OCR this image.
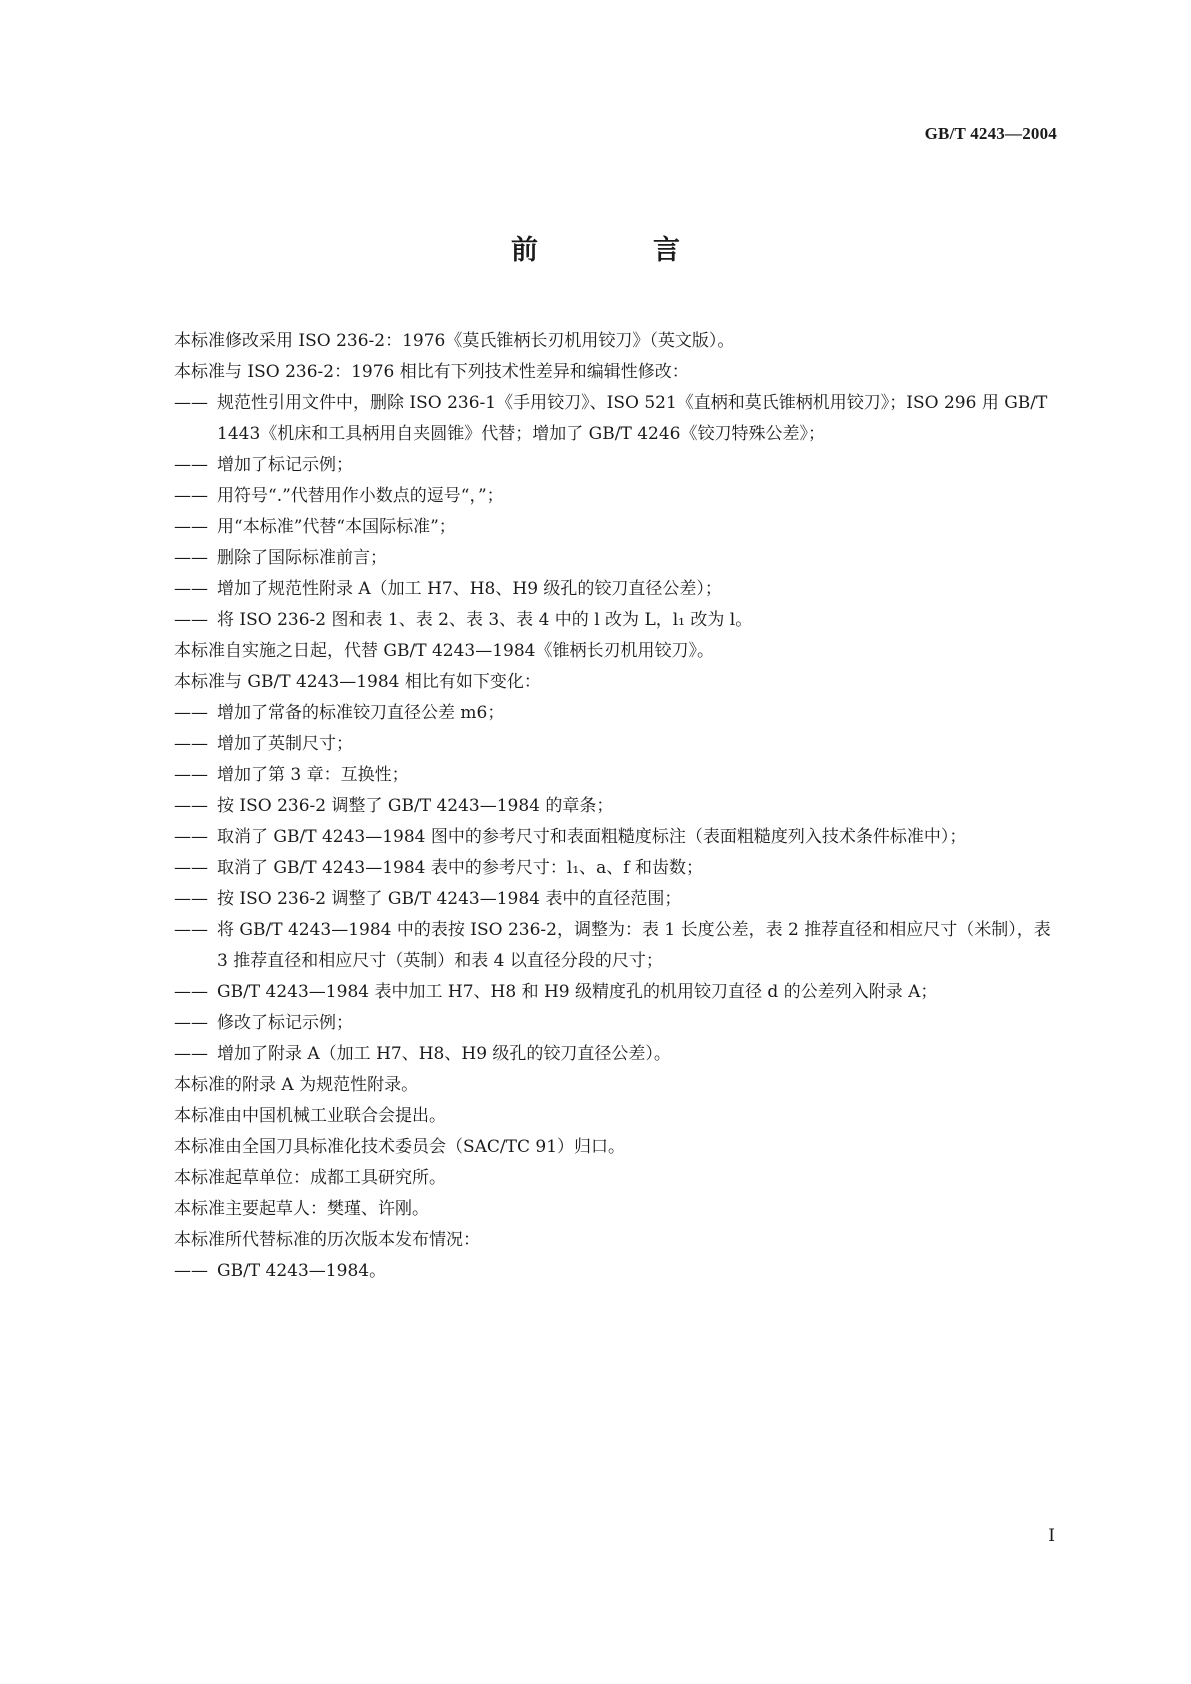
GB/T 4243—2004
前　言
本标准修改采用 ISO 236-2：1976《莫氏锥柄长刃机用铰刀》（英文版）。
本标准与 ISO 236-2：1976 相比有下列技术性差异和编辑性修改：
—— 规范性引用文件中，删除 ISO 236-1《手用铰刀》、ISO 521《直柄和莫氏锥柄机用铰刀》；ISO 296 用 GB/T 1443《机床和工具柄用自夹圆锥》代替；增加了 GB/T 4246《铰刀特殊公差》；
—— 增加了标记示例；
—— 用符号“.”代替用作小数点的逗号“，”；
—— 用“本标准”代替“本国际标准”；
—— 删除了国际标准前言；
—— 增加了规范性附录 A（加工 H7、H8、H9 级孔的铰刀直径公差）；
—— 将 ISO 236-2 图和表 1、表 2、表 3、表 4 中的 l 改为 L，l₁ 改为 l。
本标准自实施之日起，代替 GB/T 4243—1984《锥柄长刃机用铰刀》。
本标准与 GB/T 4243—1984 相比有如下变化：
—— 增加了常备的标准铰刀直径公差 m6；
—— 增加了英制尺寸；
—— 增加了第 3 章：互换性；
—— 按 ISO 236-2 调整了 GB/T 4243—1984 的章条；
—— 取消了 GB/T 4243—1984 图中的参考尺寸和表面粗糙度标注（表面粗糙度列入技术条件标准中）；
—— 取消了 GB/T 4243—1984 表中的参考尺寸：l₁、a、f 和齿数；
—— 按 ISO 236-2 调整了 GB/T 4243—1984 表中的直径范围；
—— 将 GB/T 4243—1984 中的表按 ISO 236-2，调整为：表 1 长度公差，表 2 推荐直径和相应尺寸（米制），表 3 推荐直径和相应尺寸（英制）和表 4 以直径分段的尺寸；
—— GB/T 4243—1984 表中加工 H7、H8 和 H9 级精度孔的机用铰刀直径 d 的公差列入附录 A；
—— 修改了标记示例；
—— 增加了附录 A（加工 H7、H8、H9 级孔的铰刀直径公差）。
本标准的附录 A 为规范性附录。
本标准由中国机械工业联合会提出。
本标准由全国刀具标准化技术委员会（SAC/TC 91）归口。
本标准起草单位：成都工具研究所。
本标准主要起草人：樊瑾、许刚。
本标准所代替标准的历次版本发布情况：
—— GB/T 4243—1984。
Ⅰ
